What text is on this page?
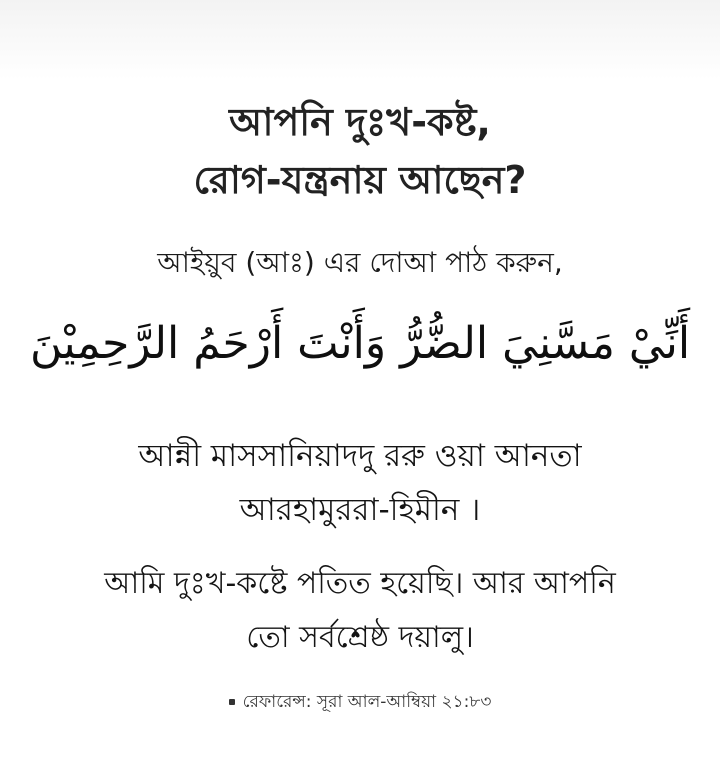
আপনি দুঃখ-কষ্ট,
রোগ-যন্ত্রনায় আছেন?
আইয়ুব (আঃ) এর দোআ পাঠ করুন,
أَنِّيْ مَسَّنِيَ الضُّرُّ وَأَنْتَ أَرْحَمُ الرَّحِمِيْنَ
আন্নী মাসসানিয়াদদু ররু ওয়া আনতা
আরহামুররা-হিমীন ।
আমি দুঃখ-কষ্টে পতিত হয়েছি। আর আপনি
তো সর্বশ্রেষ্ঠ দয়ালু।
রেফারেন্স: সূরা আল-আম্বিয়া ২১:৮৩
